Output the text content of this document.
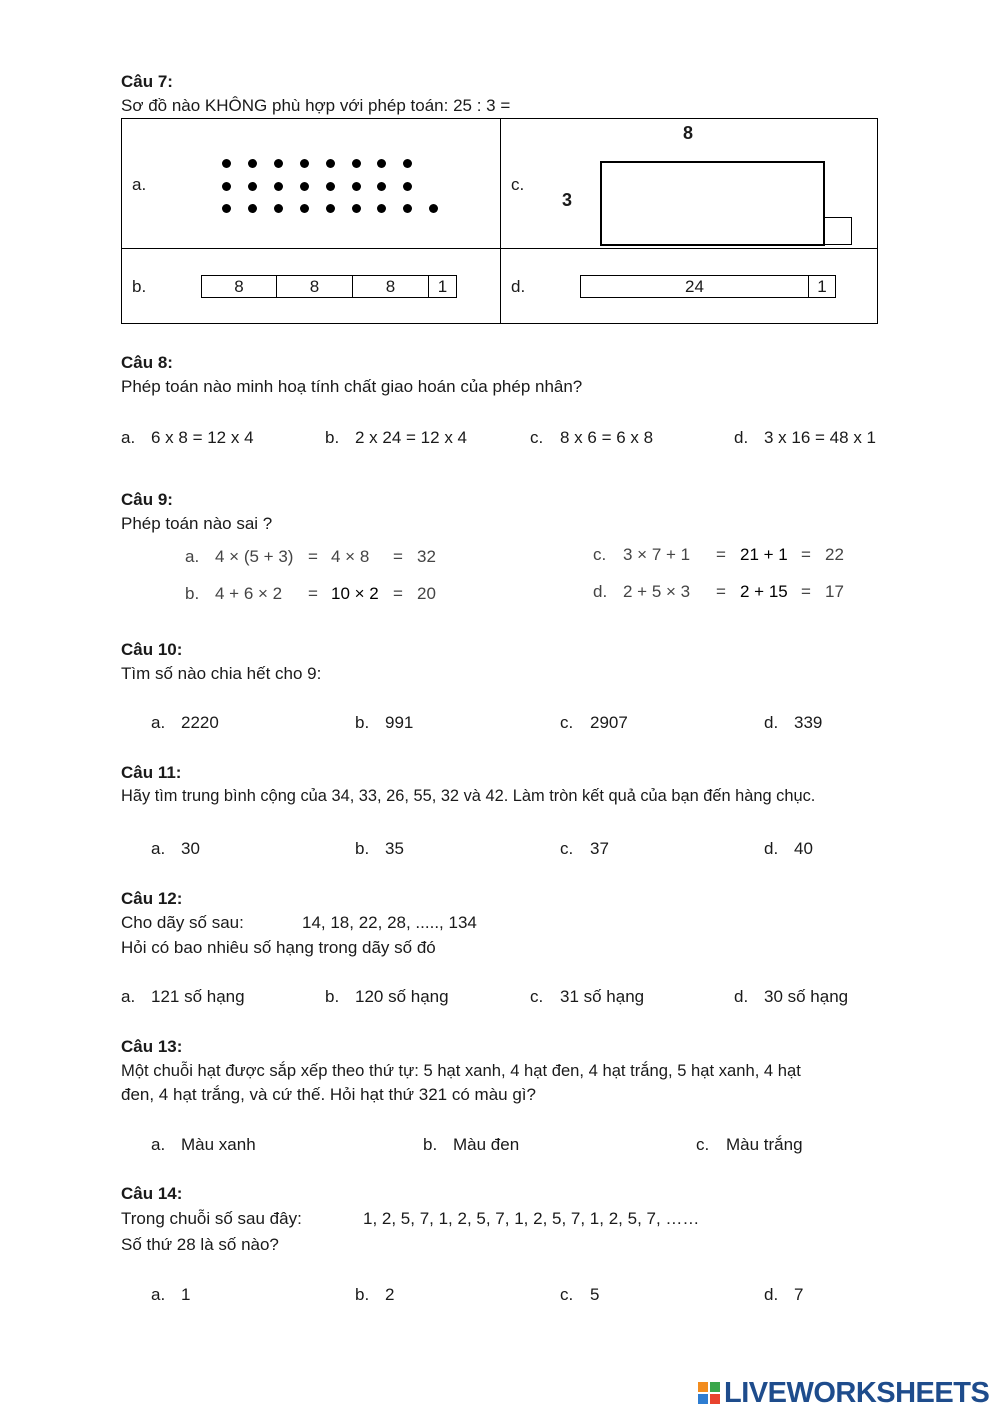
Câu 7:
Sơ đồ nào KHÔNG phù hợp với phép toán: 25 : 3 =
a.	c.
8
3
b.	8	8	8	1	d.	24	1
Câu 8:
Phép toán nào minh hoạ tính chất giao hoán của phép nhân?
a. 6 x 8 = 12 x 4	b. 2 x 24 = 12 x 4	c. 8 x 6 = 6 x 8	d. 3 x 16 = 48 x 1
Câu 9:
Phép toán nào sai ?
a. 4 × (5 + 3) = 4 × 8 = 32
b. 4 + 6 × 2 = 10 × 2 = 20
c. 3 × 7 + 1 = 21 + 1 = 22
d. 2 + 5 × 3 = 2 + 15 = 17
Câu 10:
Tìm số nào chia hết cho 9:
a. 2220	b. 991	c. 2907	d. 339
Câu 11:
Hãy tìm trung bình cộng của 34, 33, 26, 55, 32 và 42. Làm tròn kết quả của bạn đến hàng chục.
a. 30	b. 35	c. 37	d. 40
Câu 12:
Cho dãy số sau:	14, 18, 22, 28, ....., 134
Hỏi có bao nhiêu số hạng trong dãy số đó
a. 121 số hạng	b. 120 số hạng	c. 31 số hạng	d. 30 số hạng
Câu 13:
Một chuỗi hạt được sắp xếp theo thứ tự: 5 hạt xanh, 4 hạt đen, 4 hạt trắng, 5 hạt xanh, 4 hạt
đen, 4 hạt trắng, và cứ thế. Hỏi hạt thứ 321 có màu gì?
a. Màu xanh	b. Màu đen	c. Màu trắng
Câu 14:
Trong chuỗi số sau đây:	1, 2, 5, 7, 1, 2, 5, 7, 1, 2, 5, 7, 1, 2, 5, 7, ……
Số thứ 28 là số nào?
a. 1	b. 2	c. 5	d. 7
LIVEWORKSHEETS
